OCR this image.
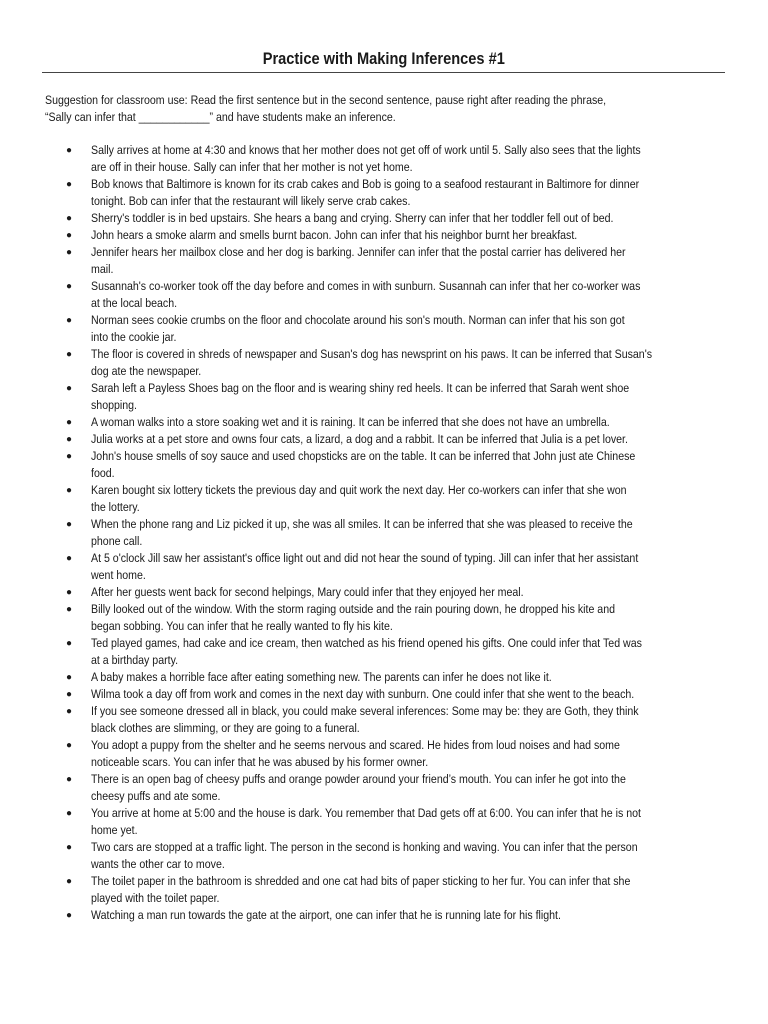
Practice with Making Inferences #1
Suggestion for classroom use: Read the first sentence but in the second sentence, pause right after reading the phrase,
“Sally can infer that ____________” and have students make an inference.
● Sally arrives at home at 4:30 and knows that her mother does not get off of work until 5. Sally also sees that the lights
are off in their house. Sally can infer that her mother is not yet home.
● Bob knows that Baltimore is known for its crab cakes and Bob is going to a seafood restaurant in Baltimore for dinner
tonight. Bob can infer that the restaurant will likely serve crab cakes.
● Sherry's toddler is in bed upstairs. She hears a bang and crying. Sherry can infer that her toddler fell out of bed.
● John hears a smoke alarm and smells burnt bacon. John can infer that his neighbor burnt her breakfast.
● Jennifer hears her mailbox close and her dog is barking. Jennifer can infer that the postal carrier has delivered her
mail.
● Susannah's co-worker took off the day before and comes in with sunburn. Susannah can infer that her co-worker was
at the local beach.
● Norman sees cookie crumbs on the floor and chocolate around his son's mouth. Norman can infer that his son got
into the cookie jar.
● The floor is covered in shreds of newspaper and Susan's dog has newsprint on his paws. It can be inferred that Susan's
dog ate the newspaper.
● Sarah left a Payless Shoes bag on the floor and is wearing shiny red heels. It can be inferred that Sarah went shoe
shopping.
● A woman walks into a store soaking wet and it is raining. It can be inferred that she does not have an umbrella.
● Julia works at a pet store and owns four cats, a lizard, a dog and a rabbit. It can be inferred that Julia is a pet lover.
● John's house smells of soy sauce and used chopsticks are on the table. It can be inferred that John just ate Chinese
food.
● Karen bought six lottery tickets the previous day and quit work the next day. Her co-workers can infer that she won
the lottery.
● When the phone rang and Liz picked it up, she was all smiles. It can be inferred that she was pleased to receive the
phone call.
● At 5 o'clock Jill saw her assistant's office light out and did not hear the sound of typing. Jill can infer that her assistant
went home.
● After her guests went back for second helpings, Mary could infer that they enjoyed her meal.
● Billy looked out of the window. With the storm raging outside and the rain pouring down, he dropped his kite and
began sobbing. You can infer that he really wanted to fly his kite.
● Ted played games, had cake and ice cream, then watched as his friend opened his gifts. One could infer that Ted was
at a birthday party.
● A baby makes a horrible face after eating something new. The parents can infer he does not like it.
● Wilma took a day off from work and comes in the next day with sunburn. One could infer that she went to the beach.
● If you see someone dressed all in black, you could make several inferences: Some may be: they are Goth, they think
black clothes are slimming, or they are going to a funeral.
● You adopt a puppy from the shelter and he seems nervous and scared. He hides from loud noises and had some
noticeable scars. You can infer that he was abused by his former owner.
● There is an open bag of cheesy puffs and orange powder around your friend’s mouth. You can infer he got into the
cheesy puffs and ate some.
● You arrive at home at 5:00 and the house is dark. You remember that Dad gets off at 6:00. You can infer that he is not
home yet.
● Two cars are stopped at a traffic light. The person in the second is honking and waving. You can infer that the person
wants the other car to move.
● The toilet paper in the bathroom is shredded and one cat had bits of paper sticking to her fur. You can infer that she
played with the toilet paper.
● Watching a man run towards the gate at the airport, one can infer that he is running late for his flight.
